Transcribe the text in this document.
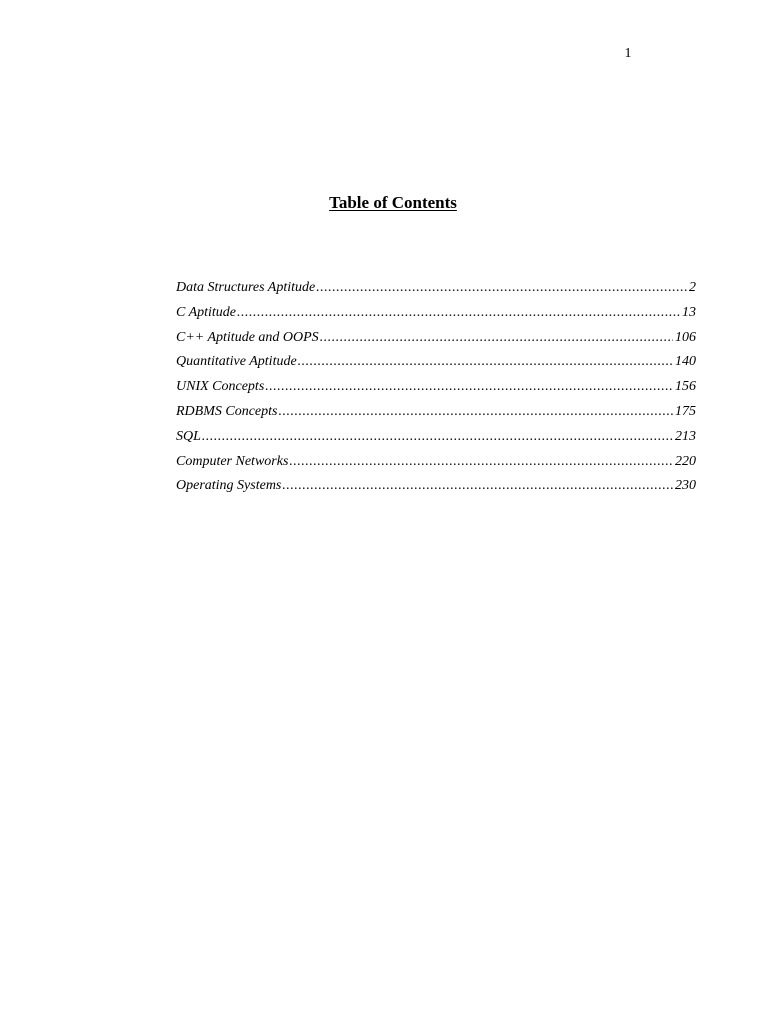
1
Table of Contents
Data Structures Aptitude .....	2
C Aptitude .....	13
C++ Aptitude and OOPS .....	106
Quantitative Aptitude .....	140
UNIX Concepts .....	156
RDBMS Concepts .....	175
SQL .....	213
Computer Networks .....	220
Operating Systems .....	230
